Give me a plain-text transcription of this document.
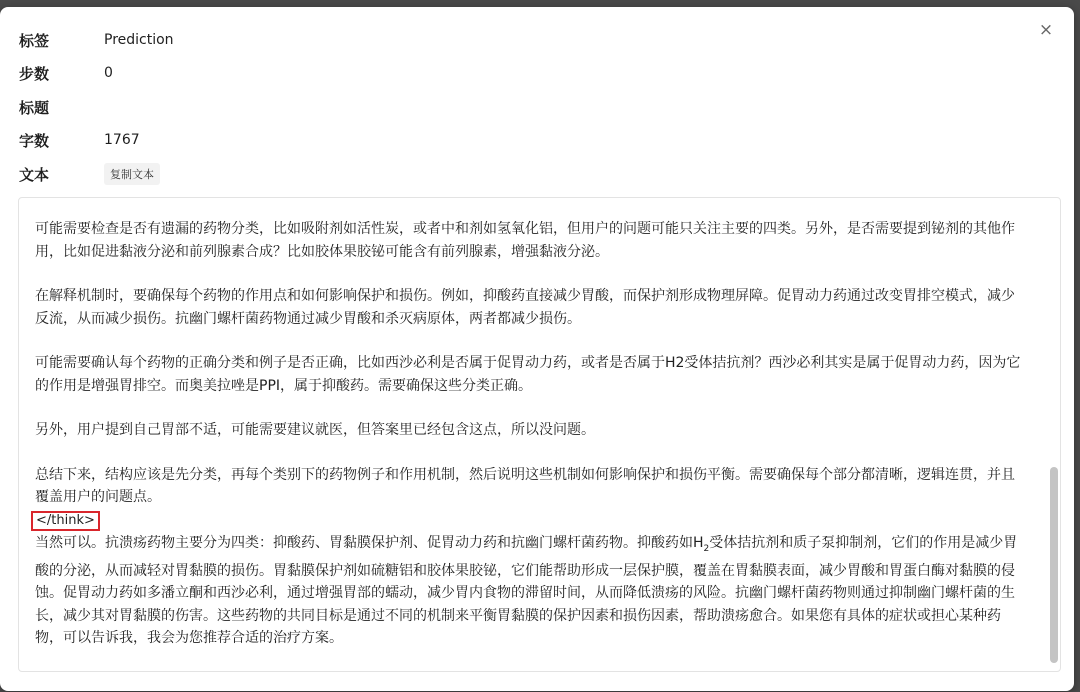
×
标签	Prediction
步数	0
标题
字数	1767
文本	复制文本

可能需要检查是否有遗漏的药物分类，比如吸附剂如活性炭，或者中和剂如氢氧化铝，但用户的问题可能只关注主要的四类。另外，是否需要提到铋剂的其他作用，比如促进黏液分泌和前列腺素合成？比如胶体果胶铋可能含有前列腺素，增强黏液分泌。

在解释机制时，要确保每个药物的作用点和如何影响保护和损伤。例如，抑酸药直接减少胃酸，而保护剂形成物理屏障。促胃动力药通过改变胃排空模式，减少反流，从而减少损伤。抗幽门螺杆菌药物通过减少胃酸和杀灭病原体，两者都减少损伤。

可能需要确认每个药物的正确分类和例子是否正确，比如西沙必利是否属于促胃动力药，或者是否属于H2受体拮抗剂？西沙必利其实是属于促胃动力药，因为它的作用是增强胃排空。而奥美拉唑是PPI，属于抑酸药。需要确保这些分类正确。

另外，用户提到自己胃部不适，可能需要建议就医，但答案里已经包含这点，所以没问题。

总结下来，结构应该是先分类，再每个类别下的药物例子和作用机制，然后说明这些机制如何影响保护和损伤平衡。需要确保每个部分都清晰，逻辑连贯，并且覆盖用户的问题点。

</think>

当然可以。抗溃疡药物主要分为四类：抑酸药、胃黏膜保护剂、促胃动力药和抗幽门螺杆菌药物。抑酸药如$H_2$受体拮抗剂和质子泵抑制剂，它们的作用是减少胃酸的分泌，从而减轻对胃黏膜的损伤。胃黏膜保护剂如硫糖铝和胶体果胶铋，它们能帮助形成一层保护膜，覆盖在胃黏膜表面，减少胃酸和胃蛋白酶对黏膜的侵蚀。促胃动力药如多潘立酮和西沙必利，通过增强胃部的蠕动，减少胃内食物的滞留时间，从而降低溃疡的风险。抗幽门螺杆菌药物则通过抑制幽门螺杆菌的生长，减少其对胃黏膜的伤害。这些药物的共同目标是通过不同的机制来平衡胃黏膜的保护因素和损伤因素，帮助溃疡愈合。如果您有具体的症状或担心某种药物，可以告诉我，我会为您推荐合适的治疗方案。
